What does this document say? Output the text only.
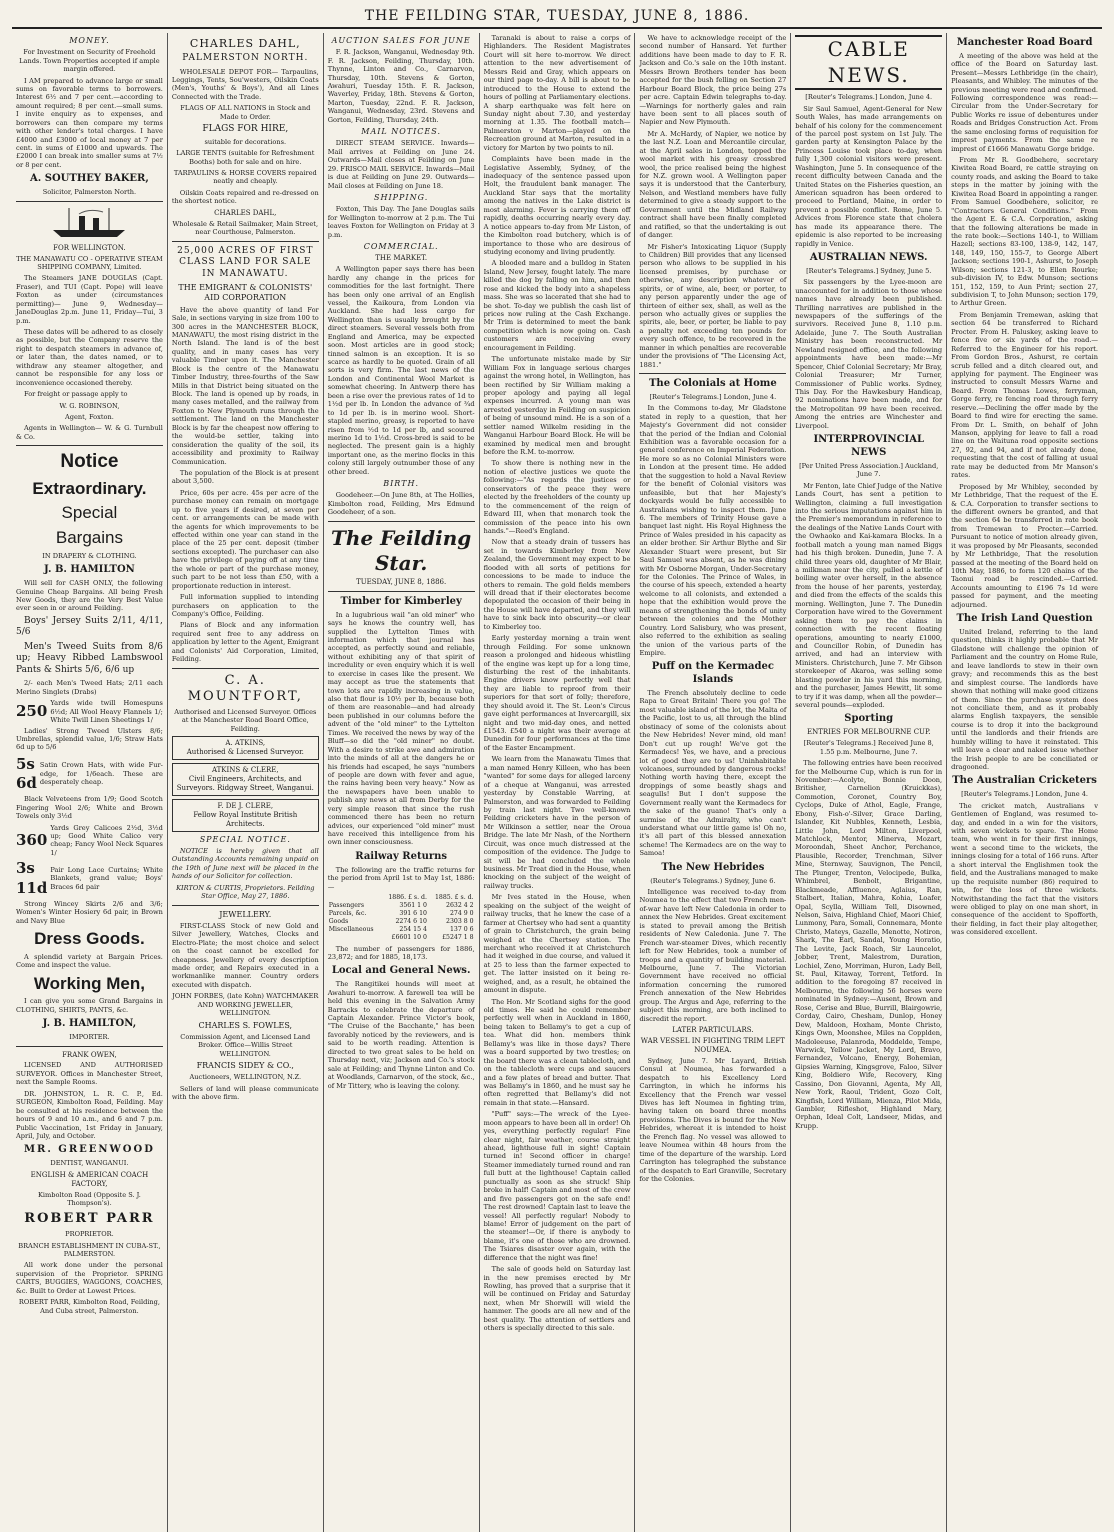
THE FEILDING STAR, TUESDAY, JUNE 8, 1886.
MONEY.

For Investment on Security of Freehold Lands. Town Properties accepted if ample margin offered.

I AM prepared to advance large or small sums on favorable terms to borrowers. Interest 6½ and 7 per cent.—according to amount required; 8 per cent.—small sums. I invite enquiry as to expenses, and borrowers can then compare my terms with other lender's total charges. I have £4000 and £3000 of local money at 7 per cent. in sums of £1000 and upwards. The £2000 I can break into smaller sums at 7½ or 8 per cent.

A. SOUTHEY BAKER,

Solicitor, Palmerston North.

FOR WELLINGTON.

THE MANAWATU CO - OPERATIVE STEAM SHIPPING COMPANY, Limited.

The Steamers JANE DOUGLAS (Capt. Fraser), and TUI (Capt. Pope) will leave Foxton as under (circumstances permitting)— June 9, Wednesday—JaneDouglas 2p.m. June 11, Friday—Tui, 3 p.m.

These dates will be adhered to as closely as possible, but the Company reserve the right to despatch steamers in advance of, or later than, the dates named, or to withdraw any steamer altogether, and cannot be responsible for any loss or inconvenience occasioned thereby.

For freight or passage apply to

W. G. ROBINSON,

Agent, Foxton.

Agents in Wellington— W. & G. Turnbull & Co.

Notice
Extraordinary.
Special
Bargains

IN DRAPERY & CLOTHING.

J. B. HAMILTON

Will sell for CASH ONLY, the following Genuine Cheap Bargains. All being Fresh New Goods, they are the Very Best Value ever seen in or around Feilding.

Boys' Jersey Suits 2/11, 4/11, 5/6

Men's Tweed Suits from 8/6 up; Heavy Ribbed Lambswool Pants & Shirts 5/6, 6/6 up

2/- each Men's Tweed Hats; 2/11 each Merino Singlets (Drabs)

250 Yards wide twill Homespuns 6½d; All Wool Heavy Flannels 1/; White Twill Linen Sheetings 1/

Ladies' Strong Tweed Ulsters 8/6; Umbrellas, splendid value, 1/6; Straw Hats 6d up to 5/6

5s 6d
Satin Crown Hats, with wide Fur-edge, for 1/6each. These are desperately cheap.

Black Velveteens from 1/9; Good Scotch Fingering Wool 2/6; White and Brown Towels only 3½d

360
Yards Grey Calicoes 2½d, 3½d up; Good White Calico very cheap; Fancy Wool Neck Squares 1/
3s 11d
Pair Long Lace Curtains; White Blankets, grand value; Boys' Braces 6d pair

Strong Wincey Skirts 2/6 and 3/6; Women's Winter Hosiery 6d pair, in Brown and Navy Blue

Dress Goods.

A splendid variety at Bargain Prices. Come and inspect the value.

Working Men,

I can give you some Grand Bargains in CLOTHING, SHIRTS, PANTS, &c.

J. B. HAMILTON,

IMPORTER.

FRANK OWEN,

LICENSED AND AUTHORISED SURVEYOR. Offices in Manchester Street, next the Sample Rooms.

DR. JOHNSTON, L. R. C. P., Ed. SURGEON, Kimbolton Road, Feilding. May be consulted at his residence between the hours of 9 and 10 a.m., and 6 and 7 p.m. Public Vaccination, 1st Friday in January, April, July, and October.

MR. GREENWOOD

DENTIST, WANGANUI.

ENGLISH & AMERICAN COACH FACTORY,

Kimbolton Road (Opposite S. J. Thompson's).

ROBERT PARR

PROPRIETOR.

BRANCH ESTABLISHMENT IN CUBA-ST., PALMERSTON.

All work done under the personal supervision of the Proprietor. SPRING CARTS, BUGGIES, WAGGONS, COACHES, &c. Built to Order at Lowest Prices.

ROBERT PARR, Kimbolton Road, Feilding, And Cuba street, Palmerston.

CHARLES DAHL,

PALMERSTON NORTH.

WHOLESALE DEPOT FOR— Tarpaulins, Leggings, Tents, Sou'westers, Oilskin Coats (Men's, Youths' & Boys'), And all Lines Connected with the Trade.

FLAGS OF ALL NATIONS in Stock and Made to Order.

FLAGS FOR HIRE,

suitable for decorations.

LARGE TENTS (suitable for Refreshment Booths) both for sale and on hire.

TARPAULINS & HORSE COVERS repaired neatly and cheaply.

Oilskin Coats repaired and re-dressed on the shortest notice.

CHARLES DAHL,

Wholesale & Retail Sailmaker, Main Street, near Courthouse, Palmerston.

25,000 ACRES OF FIRST CLASS LAND FOR SALE IN MANAWATU.

THE EMIGRANT & COLONISTS' AID CORPORATION

Have the above quantity of land For Sale, in sections varying in size from 100 to 300 acres in the MANCHESTER BLOCK, MANAWATU, the most rising district in the North Island. The land is of the best quality, and in many cases has very valuable Timber upon it. The Manchester Block is the centre of the Manawatu Timber Industry, three-fourths of the Saw Mills in that District being situated on the Block. The land is opened up by roads, in many cases metalled, and the railway from Foxton to New Plymouth runs through the settlement. The land on the Manchester Block is by far the cheapest now offering to the would-be settler, taking into consideration the quality of the soil, its accessibility and proximity to Railway Communication.

The population of the Block is at present about 3,500.

Price, 60s per acre. 45s per acre of the purchase money can remain on mortgage up to five years if desired, at seven per cent. or arrangements can be made with the agents for which improvements to be effected within one year can stand in the place of the 25 per cent. deposit (timber sections excepted). The purchaser can also have the privilege of paying off at any time the whole or part of the purchase money, such part to be not less than £50, with a proportionate reduction in interest.

Full information supplied to intending purchasers on application to the Company's Office, Feilding.

Plans of Block and any information required sent free to any address on application by letter to the Agent, Emigrant and Colonists' Aid Corporation, Limited, Feilding.

C. A. MOUNTFORT,

Authorised and Licensed Surveyor. Offices at the Manchester Road Board Office, Feilding.

A. ATKINS,
Authorised & Licensed Surveyor.
ATKINS & CLERE,
Civil Engineers, Architects, and Surveyors. Ridgway Street, Wanganui.
F. DE J. CLERE,
Fellow Royal Institute British Architects.
SPECIAL NOTICE.

NOTICE is hereby given that all Outstanding Accounts remaining unpaid on the 19th of June next will be placed in the hands of our Solicitor for collection.

KIRTON & CURTIS, Proprietors. Feilding Star Office, May 27, 1886.

JEWELLERY.

FIRST-CLASS Stock of new Gold and Silver Jewellery, Watches, Clocks and Electro-Plate; the most choice and select on the coast cannot be excelled for cheapness. Jewellery of every description made order, and Repairs executed in a workmanlike manner. Country orders executed with dispatch.

JOHN FORBES, (late Kohn) WATCHMAKER AND WORKING JEWELLER, WELLINGTON.

CHARLES S. FOWLES,

Commission Agent, and Licensed Land Broker. Office—Willis Street WELLINGTON.

FRANCIS SIDEY & CO.,

Auctioneers, WELLINGTON, N.Z.

Sellers of land will please communicate with the above firm.

AUCTION SALES FOR JUNE

F. R. Jackson, Wanganui, Wednesday 9th. F. R. Jackson, Feilding, Thursday, 10th. Thynne, Linton and Co., Carnarvon, Thursday, 10th. Stevens & Gorton, Awahuri, Tuesday 15th. F. R. Jackson, Waverley, Friday, 18th. Stevens & Gorton, Marton, Tuesday, 22nd. F. R. Jackson, Wanganui, Wednesday, 23rd. Stevens and Gorton, Feilding, Thursday, 24th.

MAIL NOTICES.

DIRECT STEAM SERVICE. Inwards—Mail arrives at Feilding on June 24. Outwards—Mail closes at Feilding on June 29. FRISCO MAIL SERVICE. Inwards—Mail is due at Feilding on June 29. Outwards—Mail closes at Feilding on June 18.

SHIPPING.

Foxton, This Day. The Jane Douglas sails for Wellington to-morrow at 2 p.m. The Tui leaves Foxton for Wellington on Friday at 3 p.m.

COMMERCIAL.
THE MARKET.

A Wellington paper says there has been hardly any change in the prices for commodities for the last fortnight. There has been only one arrival of an English vessel, the Kaikoura, from London via Auckland. She had less cargo for Wellington than is usually brought by the direct steamers. Several vessels both from England and America, may be expected soon. Most articles are in good stock; tinned salmon is an exception. It is so scarce as hardly to be quoted. Grain of all sorts is very firm. The last news of the London and Continental Wool Market is somewhat cheering. In Antwerp there has been a rise over the previous rates of 1d to 1½d per lb. In London the advance of ¾d to 1d per lb. is in merino wool. Short-stapled merino, greasy, is reported to have risen from ½d to 1d per lb, and scoured merino 1d to 1½d. Cross-bred is said to be neglected. The present gain is a highly important one, as the merino flocks in this colony still largely outnumber those of any other breed.

BIRTH.

Goodeheer.—On June 8th, at The Hollies, Kimbolton road, Feilding, Mrs Edmund Goodeheer, of a son.

The Feilding Star.
TUESDAY, JUNE 8, 1886.
Timber for Kimberley

In a lugubrious wail "an old miner" who says he knows the country well, has supplied the Lyttelton Times with information which that journal has accepted, as perfectly sound and reliable, without exhibiting any of that spirit of incredulity or even enquiry which it is well to exercise in cases like the present. We may accept as true the statements that town lots are rapidly increasing in value, also that flour is 10½ per lb, because both of them are reasonable—and had already been published in our columns before the advent of the "old miner" to the Lyttelton Times. We received the news by way of the Bluff—so did the "old miner" no doubt. With a desire to strike awe and admiration into the minds of all at the dangers he or his friends had escaped, he says "numbers of people are down with fever and ague, the rains having been very heavy." Now as the newspapers have been unable to publish any news at all from Derby for the very simple reason that since the rush commenced there has been no return advices, our experienced "old miner" must have received this intelligence from his own inner consciousness.

Railway Returns

The following are the traffic returns for the period from April 1st to May 1st, 1886:—

	1886. £ s. d.	1885. £ s. d.
Passengers	3561 1 0	2632 4 2
Parcels, &c.	391 6 10	274 9 0
Goods	2274 6 10	2303 8 0
Miscellaneous	254 15 4	137 0 6
	£6601 10 0	£5247 1 8

The number of passengers for 1886, 23,872; and for 1885, 18,173.

Local and General News.

The Rangitikei hounds will meet at Awahuri to-morrow. A farewell tea will be held this evening in the Salvation Army Barracks to celebrate the departure of Captain Alexander. Prince Victor's book, "The Cruise of the Bacchante," has been favorably noticed by the reviewers, and is said to be worth reading. Attention is directed to two great sales to be held on Thursday next, viz; Jackson and Co.'s stock sale at Feilding; and Thynne Linton and Co. at Woodlands, Carnarvon, of the stock, &c., of Mr Tittery, who is leaving the colony.

Taranaki is about to raise a corps of Highlanders. The Resident Magistrates Court will sit here to-morrow. We direct attention to the new advertisement of Messrs Reid and Gray, which appears on our third page to-day. A bill is about to be introduced to the House to extend the hours of polling at Parliamentary elections. A sharp earthquake was felt here on Sunday night about 7.30, and yesterday morning at 1.35. The football match—Palmerston v Marton—played on the Recreation ground at Marton, resulted in a victory for Marton by two points to nil.

Complaints have been made in the Legislative Assembly, Sydney, of the inadequacy of the sentence passed upon Holt, the fraudulent bank manager. The Auckland Star says that the mortality among the natives in the Lake district is most alarming. Fever is carrying them off rapidly, deaths occurring nearly every day. A notice appears to-day from Mr Liston, of the Kimbolton road butchery, which is of importance to those who are desirous of studying economy and living prudently.

A blooded mare and a bulldog in Staten Island, New Jersey, fought lately. The mare killed the dog by falling on him, and then rose and kicked the body into a shapeless mass. She was so lacerated that she had to be shot. To-day we publish the cash list of prices now ruling at the Cash Exchange. Mr Trim is determined to meet the bank competition which is now going on. Cash customers are receiving every encouragement in Feilding.

The unfortunate mistake made by Sir William Fox in language serious charges against the wrong hotel, in Wellington, has been rectified by Sir William making a proper apology and paying all legal expenses incurred. A young man was arrested yesterday in Feilding on suspicion of being of unsound mind. He is a son of a settler named Wilkelm residing in the Wanganui Harbour Board Block. He will be examined by medical men and brought before the R.M. to-morrow.

To show there is nothing new in the notion of elective justices we quote the following:—"As regards the justices or conservators of the peace they were elected by the freeholders of the county up to the commencement of the reign of Edward III, when that monarch took the commission of the peace into his own hands."—Reed's England.

Now that a steady drain of tussers has set in towards Kimberley from New Zealand, the Government may expect to be flooded with all sorts of petitions for concessions to be made to induce the others to remain. The gold fields members will dread that if their electorates become depopulated the occasion of their being in the House will have departed, and they will have to sink back into obscurity—or clear to Kimberley too.

Early yesterday morning a train went through Feilding. For some unknown reason a prolonged and hideous whistling of the engine was kept up for a long time, disturbing the rest of the inhabitants. Engine drivers know perfectly well that they are liable to reproof from their superiors for that sort of folly; therefore, they should avoid it. The St. Leon's Circus gave eight performances at Invercargill, six night and two mid-day ones, and netted £1543. £540 a night was their average at Dunedin for four performances at the time of the Easter Encampment.

We learn from the Manawatu Times that a man named Henry Killeen, who has been "wanted" for some days for alleged larceny of a cheque at Wanganui, was arrested yesterday by Constable Warring, at Palmerston, and was forwarded to Feilding by train last night. Two well-known Feilding cricketers have in the person of Mr Wilkinson a settler, near the Oroua Bridge. The late Mr Nash, of the Northern Circuit, was once much distressed at the composition of the evidence. The Judge to sit will be had concluded the whole business. Mr Treat died in the House, when knocking on the subject of the weight of railway trucks.

Mr Ives stated in the House, when speaking on the subject of the weight of railway trucks, that he knew the case of a farmer at Chertsey who had sent a quantity of grain to Christchurch, the grain being weighed at the Chertsey station. The merchant who received it at Christchurch had it weighed in due course, and valued it at 25 to less than the farmer expected to get. The latter insisted on it being re-weighed, and, as a result, he obtained the amount in dispute.

The Hon. Mr Scotland sighs for the good old times. He said he could remember perfectly well when in Auckland in 1860, being taken to Bellamy's to get a cup of tea. What did hon. members think Bellamy's was like in those days? There was a board supported by two trestles; on the board there was a clean tablecloth, and on the tablecloth were cups and saucers and a few plates of bread and butter. That was Bellamy's in 1860, and he must say he often regretted that Bellamy's did not remain in that state.—Hansard.

"Puff" says:—The wreck of the Lyee-moon appears to have been all in order! Oh yes, everything perfectly regular! Fine clear night, fair weather, course straight ahead, lighthouse full in sight! Captain turned in! Second officer in charge! Steamer immediately turned round and ran full butt at the lighthouse! Captain called punctually as soon as she struck! Ship broke in half! Captain and most of the crew and five passengers got on the safe end! The rest drowned! Captain last to leave the vessel! All perfectly regular! Nobody to blame! Error of judgement on the part of the steamer!—Or, if there is anybody to blame, it's one of those who are drowned. The Tsiares disaster over again, with the difference that the night was fine!

The sale of goods held on Saturday last in the new premises erected by Mr Rowling, has proved that a surprise that it will be continued on Friday and Saturday next, when Mr Shorwill will wield the hammer. The goods are all new and of the best quality. The attention of settlers and others is specially directed to this sale.

We have to acknowledge receipt of the second number of Hansard. Yet further additions have been made to day to F. R. Jackson and Co.'s sale on the 10th instant. Messrs Brown Brothers tender has been accepted for the bush felling on Section 27 Harbour Board Block, the price being 27s per acre. Captain Edwin telegraphs to-day.—Warnings for northerly gales and rain have been sent to all places south of Napier and New Plymouth.

Mr A. McHardy, of Napier, we notice by the last N.Z. Loan and Mercantile circular, at the April sales in London, topped the wool market with his greasy crossbred wool, the price realised being the highest for N.Z. grown wool. A Wellington paper says it is understood that the Canterbury, Nelson, and Westland members have fully determined to give a steady support to the Government until the Midland Railway contract shall have been finally completed and ratified, so that the undertaking is out of danger.

Mr Fisher's Intoxicating Liquor (Supply to Children) Bill provides that any licensed person who allows to be supplied in his licensed premises, by purchase or otherwise, any description whatever of spirits, or of wine, ale, beer, or porter, to any person apparently under the age of thirteen of either sex, shall, as well as the person who actually gives or supplies the spirits, ale, beer, or porter, be liable to pay a penalty not exceeding ten pounds for every such offence, to be recovered in the manner in which penalties are recoverable under the provisions of "The Licensing Act, 1881."

The Colonials at Home

[Reuter's Telegrams.] London, June 4.

In the Commons to-day, Mr Gladstone stated in reply to a question, that her Majesty's Government did not consider that the period of the Indian and Colonial Exhibition was a favorable occasion for a general conference on Imperial Federation. He more so as no Colonial Ministers were in London at the present time. He added that the suggestion to hold a Naval Review for the benefit of Colonial visitors was unfeasible, but that her Majesty's dockyards would be fully accessible to Australians wishing to inspect them. June 6. The members of Trinity House gave a banquet last night. His Royal Highness the Prince of Wales presided in his capacity as an elder brother. Sir Arthur Blythe and Sir Alexander Stuart were present, but Sir Saul Samuel was absent, as he was dining with Mr Osborne Morgan, Under-Secretary for the Colonies. The Prince of Wales, in the course of his speech, extended a hearty welcome to all colonists, and extended a hope that the exhibition would prove the means of strengthening the bonds of unity between the colonies and the Mother Country. Lord Salisbury, who was present, also referred to the exhibition as sealing the union of the various parts of the Empire.

Puff on the Kermadec Islands

The French absolutely decline to cede Rapa to Great Britain! There you go! The most valuable island of the lot, the Malta of the Pacific, lost to us, all through the blind obstinacy of some of the colonists about the New Hebrides! Never mind, old man! Don't cut up rough! We've got the Kermadecs! Yes, we have, and a precious lot of good they are to us! Uninhabitable volcanoes, surrounded by dangerous rocks! Nothing worth having there, except the droppings of some beastly shags and seagulls! But I don't suppose the Government really want the Kermadecs for the sake of the guano! That's only a surmise of the Admiralty, who can't understand what our little game is! Oh no, it's all part of this blessed annexation scheme! The Kermadecs are on the way to Samoa!

The New Hebrides

(Reuter's Telegrams.) Sydney, June 6.

Intelligence was received to-day from Noumea to the effect that two French men-of-war have left New Caledonia in order to annex the New Hebrides. Great excitement is stated to prevail among the British residents of New Caledonia. June 7. The French war-steamer Dives, which recently left for New Hebrides, took a number of troops and a quantity of building material. Melbourne, June 7. The Victorian Government have received no official information concerning the rumored French annexation of the New Hebrides group. The Argus and Age, referring to the subject this morning, are both inclined to discredit the report.

LATER PARTICULARS.
WAR VESSEL IN FIGHTING TRIM LEFT NOUMEA.

Sydney, June 7. Mr Layard, British Consul at Noumea, has forwarded a despatch to his Excellency Lord Carrington, in which he informs his Excellency that the French war vessel Dives has left Noumea in fighting trim, having taken on board three months provisions. The Dives is bound for the New Hebrides, whereat it is intended to hoist the French flag. No vessel was allowed to leave Noumea within 48 hours from the time of the departure of the warship. Lord Carrington has telegraphed the substance of the despatch to Earl Granville, Secretary for the Colonies.

CABLE NEWS.

[Reuter's Telegrams.] London, June 4.

Sir Saul Samuel, Agent-General for New South Wales, has made arrangements on behalf of his colony for the commencement of the parcel post system on 1st July. The garden party at Kensington Palace by the Princess Louise took place to-day, when fully 1,300 colonial visitors were present. Washington, June 5. In consequence of the recent difficulty between Canada and the United States on the Fisheries question, an American squadron has been ordered to proceed to Portland, Maine, in order to prevent a possible conflict. Rome, June 5. Advices from Florence state that cholera has made its appearance there. The epidemic is also reported to be increasing rapidly in Venice.

AUSTRALIAN NEWS.

[Reuter's Telegrams.] Sydney, June 5.

Six passengers by the Lyee-moon are unaccounted for in addition to those whose names have already been published. Thrilling narratives are published in the newspapers of the sufferings of the survivors. Received June 8, 1.10 p.m. Adelaide, June 7. The South Australian Ministry has been reconstructed. Mr Newland resigned office, and the following appointments have been made:—Mr Spencer, Chief Colonial Secretary; Mr Bray, Colonial Treasurer; Mr Turner, Commissioner of Public works. Sydney, This Day. For the Hawkesbury Handicap, 92 nominations have been made, and for the Metropolitan 99 have been received. Among the entries are Winchester and Liverpool.

INTERPROVINCIAL NEWS

[Per United Press Association.] Auckland, June 7.

Mr Fenton, late Chief Judge of the Native Lands Court, has sent a petition to Wellington, claiming a full investigation into the serious imputations against him in the Premier's memorandum in reference to the dealings of the Native Lands Court with the Owhaoko and Kai-kamara Blocks. In a football match a young man named Biggs had his thigh broken. Dunedin, June 7. A child three years old, daughter of Mr Blair, a milkman near the city, pulled a kettle of boiling water over herself, in the absence from the house of her parents, yesterday, and died from the effects of the scalds this morning. Wellington, June 7. The Dunedin Corporation have wired to the Government asking them to pay the claims in connection with the recent floating operations, amounting to nearly £1000, and Councillor Robin, of Dunedin has arrived, and had an interview with Ministers. Christchurch, June 7. Mr Gibson storekeeper of Akaroa, was selling some blasting powder in his yard this morning, and the purchaser, James Hewitt, lit some to try if it was damp, when all the powder—several pounds—exploded.

Sporting
ENTRIES FOR MELBOURNE CUP.

[Reuter's Telegrams.] Received June 8, 1.55 p.m. Melbourne, June 7.

The following entries have been received for the Melbourne Cup, which is run for in November:—Acolyte, Bonnie Doon, Britisher, Carnelion (Kruickkas), Commotion, Coronet, Country Boy, Cyclops, Duke of Athol, Eagle, Frange, Ebony, Fish-o'-Silver, Grace Darling, Islander, Kit Nubbles, Kenneth, Lesbia, Little John, Lord Milton, Liverpool, Matchlock, Mentor, Minerva, Mozart, Moroondah, Sheet Anchor, Perchance, Plausible, Recorder, Trenchman, Silver Mine, Sternway, Sauvignon, The Pencil, The Plunger, Trenton, Velocipede, Bulka, Whimbrel, Benbolt, Brigantine, Blackmeade, Affluence, Aglaius, Ran, Stalbert, Italian, Mahra, Kohia, Loafer, Opal, Scylla, William Tell, Disowned, Nelson, Saiva, Highland Chief, Maori Chief, Lunmony, Para, Somali, Connemara, Monte Christo, Mateys, Gazelle, Menotte, Notiron, Shark, The Earl, Sandal, Young Horatio, The Levite, Jack Roach, Sir Launcelot, Jobber, Trent, Malestrom, Duration, Lochiel, Zeno, Morriman, Huron, Lady Bell, St. Paul, Kitaway, Torrent, Tetford. In addition to the foregoing 87 received in Melbourne, the following 56 horses were nominated in Sydney:—Ausent, Brown and Rose, Cerise and Blue, Burrill, Blairgowrie, Corday, Cairo, Chesham, Dunlop, Honey Dew, Maldoon, Hoxham, Monte Christo, Kings Own, Moonshee, Miles na Copplden, Madoleeuse, Palanroda, Moddelde, Tempe, Warwick, Yellow Jacket, My Lord, Bravo, Fernandez, Volcano, Energy, Bohemian, Gipsies Warning, Kingsgrove, Faloo, Silver King, Boldiero Wife, Recovery, King Cassino, Don Giovanni, Agenta, My All, New York, Raoul, Trident, Gozo Colt, Kingfish, Lord William, Mienza, Pilot Mida, Gambler, Rifleshot, Highland Mary, Orphan, Ideal Colt, Landseer, Midas, and Krupp.

Manchester Road Board

A meeting of the above was held at the office of the Board on Saturday last. Present—Messrs Lethbridge (in the chair), Pleasants, and Whibley. The minutes of the previous meeting were read and confirmed. Following correspondence was read:—Circular from the Under-Secretary for Public Works re issue of debentures under Roads and Bridges Construction Act. From the same enclosing forms of requisition for imprest payments. From the same re imprest of £1666 Manawatu Gorge bridge.

From Mr R. Goodbehere, secretary Kiwitea Road Board, re cattle straying on county roads, and asking the Board to take steps in the matter by joining with the Kiwitea Road Board in appointing a ranger. From Samuel Goodbehere, solicitor, re "Contractors General Conditions." From the Agent E. & C.A. Corporation, asking that the following alterations be made in the rate book:—Sections 140-1, to William Hazell; sections 83-100, 138-9, 142, 147, 148, 149, 150, 155-7, to George Albert Jackson; sections 190-1, Ashurst, to Joseph Wilson; sections 121-3, to Ellen Rourke; sub-division IV, to Edw. Munson; sections 151, 152, 159, to Aun Print; section 27, subdivision T, to John Munson; section 179, to Arthur Green.

From Benjamin Tremewan, asking that section 64 be transferred to Richard Procter. From H. Paluskey, asking leave to fence five or six yards of the road.—Referred to the Engineer for his report. From Gordon Bros., Ashurst, re certain scrub felled and a ditch cleared out, and applying for payment. The Engineer was instructed to consult Messrs Warne and Beard. From Thomas Lowes, ferryman, Gorge ferry, re fencing road through ferry reserve.—Declining the offer made by the Board to find wire for erecting the same. From Dr. L. Smith, on behalf of John Manson, applying for leave to fall a road line on the Waituna road opposite sections 27, 92, and 94, and if not already done, requesting that the cost of falling at usual rate may be deducted from Mr Manson's rates.

Proposed by Mr Whibley, seconded by Mr Lethbridge, That the request of the E. & C.A. Corporation to transfer sections to the different owners be granted, and that the section 64 be transferred in rate book from Tremewan to Procter.—Carried. Pursuant to notice of motion already given, it was proposed by Mr Pleasants, seconded by Mr Lethbridge, That the resolution passed at the meeting of the Board held on 10th May, 1886, to form 120 chains of the Taonui road be rescinded.—Carried. Accounts amounting to £196 7s 1d were passed for payment, and the meeting adjourned.

The Irish Land Question

United Ireland, referring to the land question, thinks it highly probable that Mr Gladstone will challenge the opinion of Parliament and the country on Home Rule, and leave landlords to stew in their own gravy; and recommends this as the best and simplest course. The landlords have shown that nothing will make good citizens of them. Since the purchase system does not conciliate them, and as it probably alarms English taxpayers, the sensible course is to drop it into the background until the landlords and their friends are humbly willing to have it reinstated. This will leave a clear and naked issue whether the Irish people to are be conciliated or dragooned.

The Australian Cricketers

[Reuter's Telegrams.] London, June 4.

The cricket match, Australians v Gentlemen of England, was resumed to-day, and ended in a win for the visitors, with seven wickets to spare. The Home team, who went in for their first innings, went a second time to the wickets, the innings closing for a total of 166 runs. After a short interval the Englishmen took the field, and the Australians managed to make up the requisite number (86) required to win, for the loss of three wickets. Notwithstanding the fact that the visitors were obliged to play on one man short, in consequence of the accident to Spofforth, their fielding, in fact their play altogether, was considered excellent.
